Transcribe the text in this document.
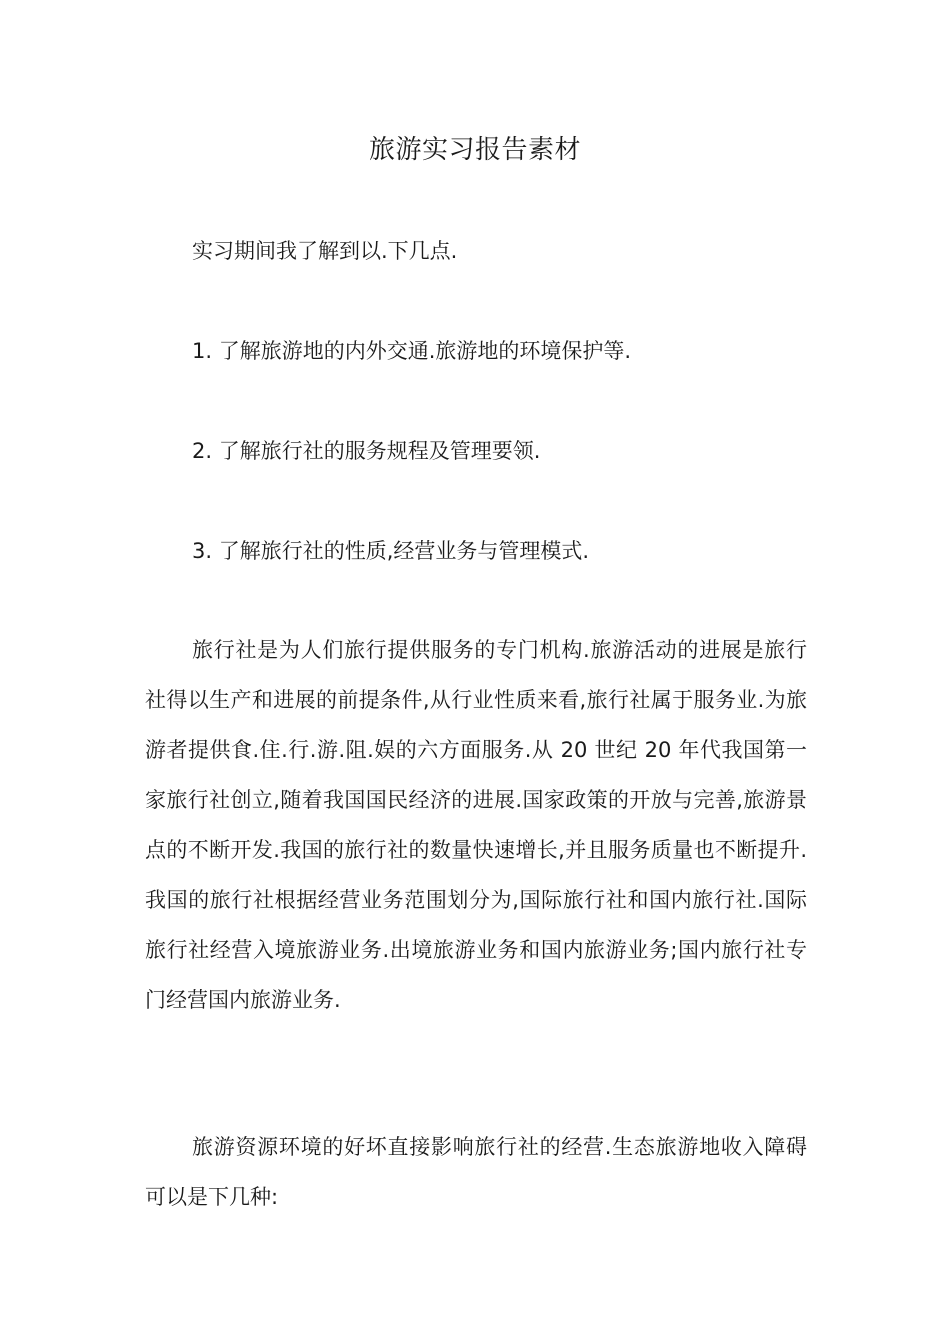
旅游实习报告素材

实习期间我了解到以.下几点.

1. 了解旅游地的内外交通.旅游地的环境保护等.

2. 了解旅行社的服务规程及管理要领.

3. 了解旅行社的性质,经营业务与管理模式.

旅行社是为人们旅行提供服务的专门机构.旅游活动的进展是旅行社得以生产和进展的前提条件,从行业性质来看,旅行社属于服务业.为旅游者提供食.住.行.游.阻.娱的六方面服务.从 20 世纪 20 年代我国第一家旅行社创立,随着我国国民经济的进展.国家政策的开放与完善,旅游景点的不断开发.我国的旅行社的数量快速增长,并且服务质量也不断提升.我国的旅行社根据经营业务范围划分为,国际旅行社和国内旅行社.国际旅行社经营入境旅游业务.出境旅游业务和国内旅游业务;国内旅行社专门经营国内旅游业务.

旅游资源环境的好坏直接影响旅行社的经营.生态旅游地收入障碍可以是下几种:
